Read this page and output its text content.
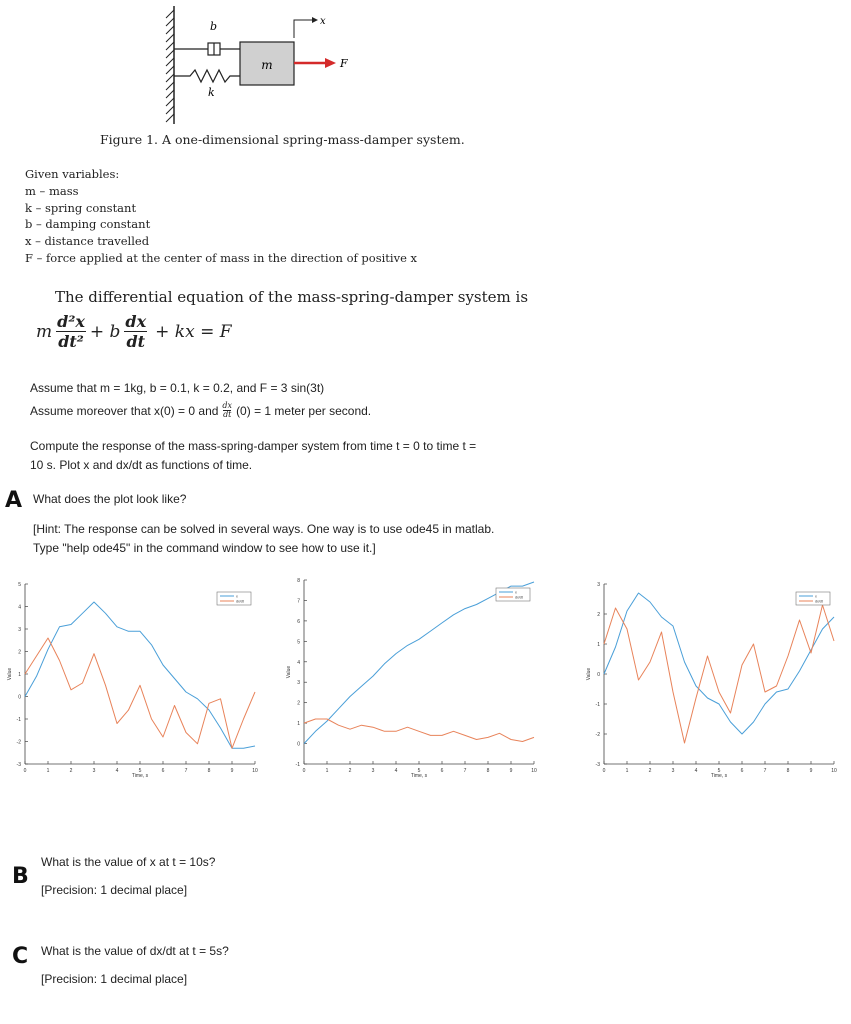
m	F
x
b
k
Figure 1. A one-dimensional spring-mass-damper system.
Given variables:
m – mass
k – spring constant
b – damping constant
x – distance travelled
F – force applied at the center of mass in the direction of positive x
The differential equation of the mass-spring-damper system is
m d²x
dt² + b dx
dt + kx = F
Assume that m = 1kg, b = 0.1, k = 0.2, and F = 3 sin(3t)
Assume moreover that x(0) = 0 and $\frac{dx}{dt} (0) = 1$ meter per second.
Compute the response of the mass-spring-damper system from time t = 0 to time t =
10 s. Plot x and dx/dt as functions of time.
A What does the plot look like?
[Hint: The response can be solved in several ways. One way is to use ode45 in matlab.
Type "help ode45" in the command window to see how to use it.]
0	1	2	3	4	5	6	7	8	9	10
-3
-2
-1
0
1
2
3
4
5
Time, s
Value
x
dx/dt
0	1	2	3	4	5	6	7	8	9	10
-1
0
1
2
3
4
5
6
7
8
Time, s
Value
x
dx/dt
0	1	2	3	4	5	6	7	8	9	10
-3
-2
-1
0
1
2
3
Time, s
Value
x
dx/dt
B
What is the value of x at t = 10s?
[Precision: 1 decimal place]
C What is the value of dx/dt at t = 5s?
[Precision: 1 decimal place]
